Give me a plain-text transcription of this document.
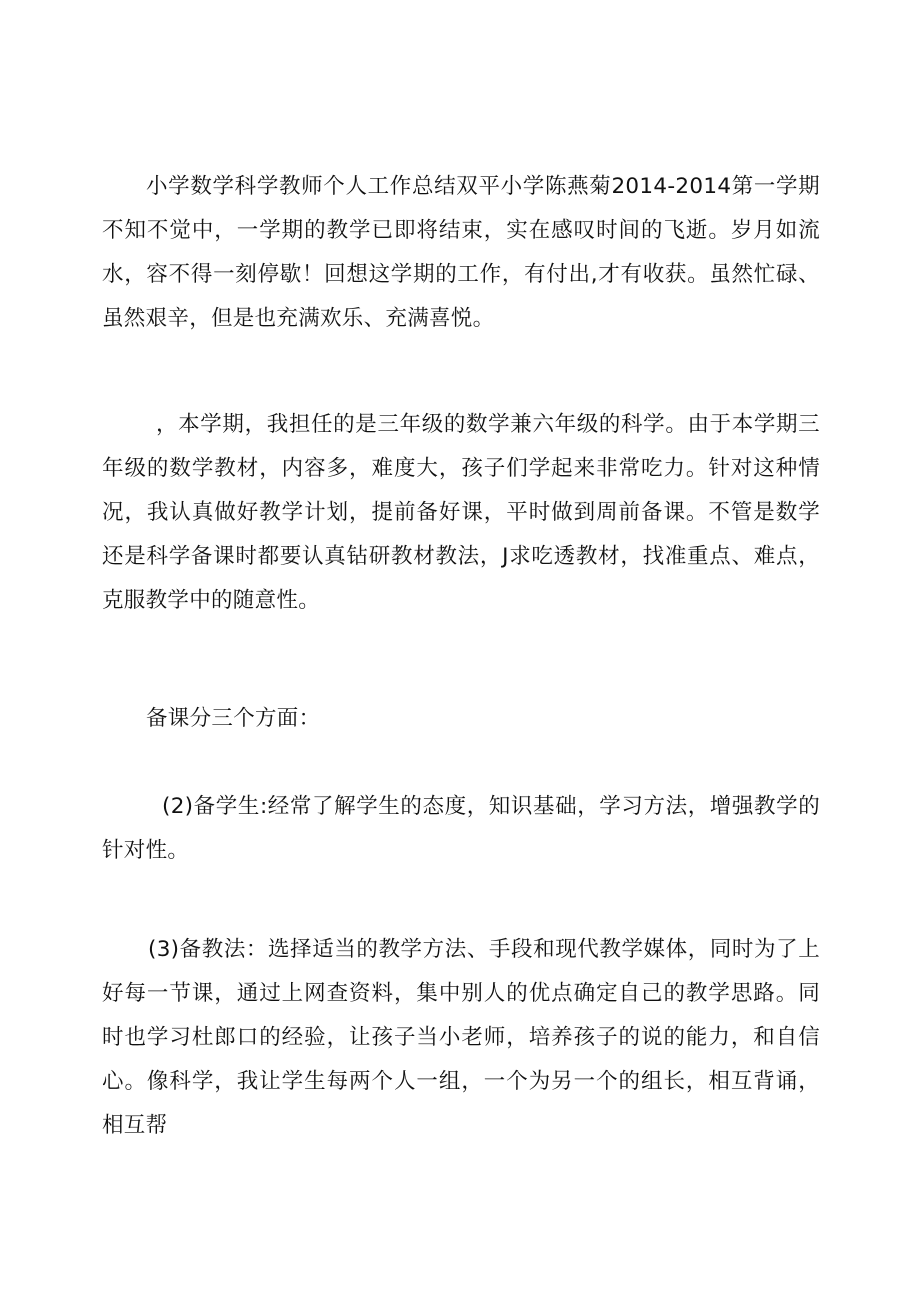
小学数学科学教师个人工作总结双平小学陈燕菊2014-2014第一学期不知不觉中，一学期的教学已即将结束，实在感叹时间的飞逝。岁月如流水，容不得一刻停歇！回想这学期的工作，有付出,才有收获。虽然忙碌、虽然艰辛，但是也充满欢乐、充满喜悦。

，本学期，我担任的是三年级的数学兼六年级的科学。由于本学期三年级的数学教材，内容多，难度大，孩子们学起来非常吃力。针对这种情况，我认真做好教学计划，提前备好课，平时做到周前备课。不管是数学还是科学备课时都要认真钻研教材教法，J求吃透教材，找准重点、难点，克服教学中的随意性。

备课分三个方面：

(2)备学生:经常了解学生的态度，知识基础，学习方法，增强教学的针对性。

(3)备教法：选择适当的教学方法、手段和现代教学媒体，同时为了上好每一节课，通过上网查资料，集中别人的优点确定自己的教学思路。同时也学习杜郎口的经验，让孩子当小老师，培养孩子的说的能力，和自信心。像科学，我让学生每两个人一组，一个为另一个的组长，相互背诵，相互帮
